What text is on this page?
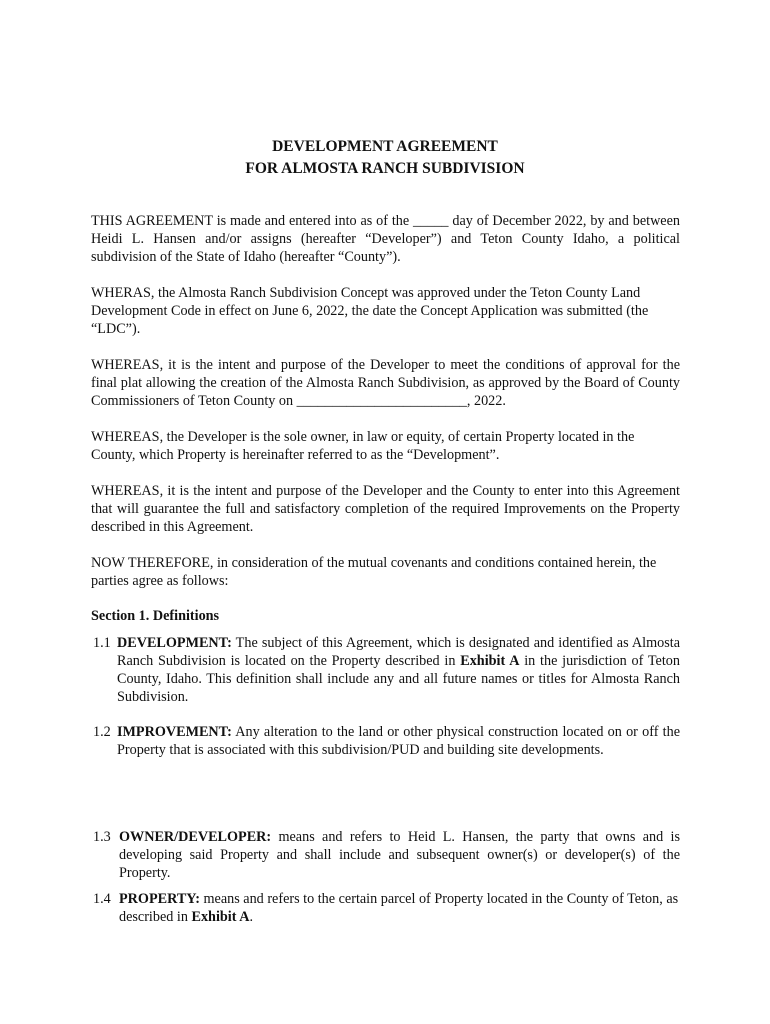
DEVELOPMENT AGREEMENT
FOR ALMOSTA RANCH SUBDIVISION

THIS AGREEMENT is made and entered into as of the _____ day of December 2022, by and between Heidi L. Hansen and/or assigns (hereafter “Developer”) and Teton County Idaho, a political subdivision of the State of Idaho (hereafter “County”).

WHERAS, the Almosta Ranch Subdivision Concept was approved under the Teton County Land Development Code in effect on June 6, 2022, the date the Concept Application was submitted (the “LDC”).

WHEREAS, it is the intent and purpose of the Developer to meet the conditions of approval for the final plat allowing the creation of the Almosta Ranch Subdivision, as approved by the Board of County Commissioners of Teton County on ________________________, 2022.

WHEREAS, the Developer is the sole owner, in law or equity, of certain Property located in the County, which Property is hereinafter referred to as the “Development”.

WHEREAS, it is the intent and purpose of the Developer and the County to enter into this Agreement that will guarantee the full and satisfactory completion of the required Improvements on the Property described in this Agreement.

NOW THEREFORE, in consideration of the mutual covenants and conditions contained herein, the parties agree as follows:

Section 1. Definitions
1.1 DEVELOPMENT: The subject of this Agreement, which is designated and identified as Almosta Ranch Subdivision is located on the Property described in Exhibit A in the jurisdiction of Teton County, Idaho. This definition shall include any and all future names or titles for Almosta Ranch Subdivision.
1.2 IMPROVEMENT: Any alteration to the land or other physical construction located on or off the Property that is associated with this subdivision/PUD and building site developments.
1.3 OWNER/DEVELOPER: means and refers to Heid L. Hansen, the party that owns and is developing said Property and shall include and subsequent owner(s) or developer(s) of the Property.
1.4 PROPERTY: means and refers to the certain parcel of Property located in the County of Teton, as described in Exhibit A.
